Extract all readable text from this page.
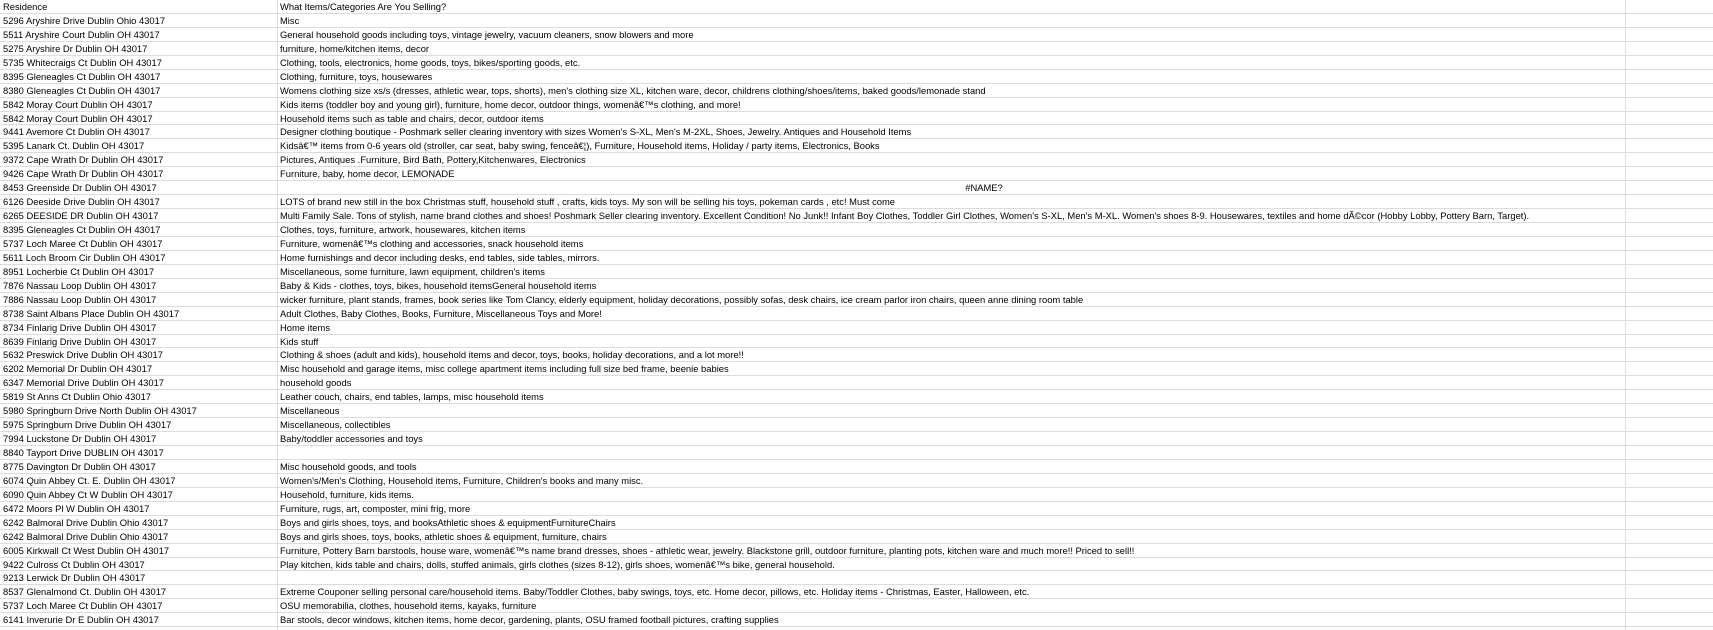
Residence	What Items/Categories Are You Selling?
5296 Aryshire Drive Dublin Ohio 43017	Misc
5511 Aryshire Court Dublin OH 43017	General household goods including toys, vintage jewelry, vacuum cleaners, snow blowers and more
5275 Aryshire Dr Dublin OH 43017	furniture, home/kitchen items, decor
5735 Whitecraigs Ct Dublin OH 43017	Clothing, tools, electronics, home goods, toys, bikes/sporting goods, etc.
8395 Gleneagles Ct Dublin OH 43017	Clothing, furniture, toys, housewares
8380 Gleneagles Ct Dublin OH 43017	Womens clothing size xs/s (dresses, athletic wear, tops, shorts), men's clothing size XL, kitchen ware, decor, childrens clothing/shoes/items, baked goods/lemonade stand
5842 Moray Court Dublin OH 43017	Kids items (toddler boy and young girl), furniture, home decor, outdoor things, womenâ€™s clothing, and more!
5842 Moray Court Dublin OH 43017	Household items such as table and chairs, decor, outdoor items
9441 Avemore Ct Dublin OH 43017	Designer clothing boutique - Poshmark seller clearing inventory with sizes Women's S-XL, Men's M-2XL, Shoes, Jewelry. Antiques and Household Items
5395 Lanark Ct. Dublin OH 43017	Kidsâ€™ items from 0-6 years old (stroller, car seat, baby swing, fenceâ€¦), Furniture, Household items, Holiday / party items, Electronics, Books
9372 Cape Wrath Dr Dublin OH 43017	Pictures, Antiques .Furniture, Bird Bath, Pottery,Kitchenwares, Electronics
9426 Cape Wrath Dr Dublin OH 43017	Furniture, baby, home decor, LEMONADE
8453 Greenside Dr Dublin OH 43017	#NAME?
6126 Deeside Drive Dublin OH 43017	LOTS of brand new still in the box Christmas stuff, household stuff , crafts, kids toys. My son will be selling his toys, pokeman cards , etc! Must come
6265 DEESIDE DR Dublin OH 43017	Multi Family Sale. Tons of stylish, name brand clothes and shoes! Poshmark Seller clearing inventory. Excellent Condition! No Junk!! Infant Boy Clothes, Toddler Girl Clothes, Women's S-XL, Men's M-XL. Women's shoes 8-9. Housewares, textiles and home dÃ©cor (Hobby Lobby, Pottery Barn, Target).
8395 Gleneagles Ct Dublin OH 43017	Clothes, toys, furniture, artwork, housewares, kitchen items
5737 Loch Maree Ct Dublin OH 43017	Furniture, womenâ€™s clothing and accessories, snack household items
5611 Loch Broom Cir Dublin OH 43017	Home furnishings and decor including desks, end tables, side tables, mirrors.
8951 Locherbie Ct Dublin OH 43017	Miscellaneous, some furniture, lawn equipment, children's items
7876 Nassau Loop Dublin OH 43017	Baby & Kids - clothes, toys, bikes, household itemsGeneral household items
7886 Nassau Loop Dublin OH 43017	wicker furniture, plant stands, frames, book series like Tom Clancy, elderly equipment, holiday decorations, possibly sofas, desk chairs, ice cream parlor iron chairs, queen anne dining room table
8738 Saint Albans Place Dublin OH 43017	Adult Clothes, Baby Clothes, Books, Furniture, Miscellaneous Toys and More!
8734 Finlarig Drive Dublin OH 43017	Home items
8639 Finlarig Drive Dublin OH 43017	Kids stuff
5632 Preswick Drive Dublin OH 43017	Clothing & shoes (adult and kids), household items and decor, toys, books, holiday decorations, and a lot more!!
6202 Memorial Dr Dublin OH 43017	Misc household and garage items, misc college apartment items including full size bed frame, beenie babies
6347 Memorial Drive Dublin OH 43017	household goods
5819 St Anns Ct Dublin Ohio 43017	Leather couch, chairs, end tables, lamps, misc household items
5980 Springburn Drive North Dublin OH 43017	Miscellaneous
5975 Springburn Drive Dublin OH 43017	Miscellaneous, collectibles
7994 Luckstone Dr Dublin OH 43017	Baby/toddler accessories and toys
8840 Tayport Drive DUBLIN OH 43017
8775 Davington Dr Dublin OH 43017	Misc household goods, and tools
6074 Quin Abbey Ct. E. Dublin OH 43017	Women's/Men's Clothing, Household items, Furniture, Children's books and many misc.
6090 Quin Abbey Ct W Dublin OH 43017	Household, furniture, kids items.
6472 Moors Pl W Dublin OH 43017	Furniture, rugs, art, composter, mini frig, more
6242 Balmoral Drive Dublin Ohio 43017	Boys and girls shoes, toys, and booksAthletic shoes & equipmentFurnitureChairs
6242 Balmoral Drive Dublin Ohio 43017	Boys and girls shoes, toys, books, athletic shoes & equipment, furniture, chairs
6005 Kirkwall Ct West Dublin OH 43017	Furniture, Pottery Barn barstools, house ware, womenâ€™s name brand dresses, shoes - athletic wear, jewelry. Blackstone grill, outdoor furniture, planting pots, kitchen ware and much more!! Priced to sell!!
9422 Culross Ct Dublin OH 43017	Play kitchen, kids table and chairs, dolls, stuffed animals, girls clothes (sizes 8-12), girls shoes, womenâ€™s bike, general household.
9213 Lerwick Dr Dublin OH 43017
8537 Glenalmond Ct. Dublin OH 43017	Extreme Couponer selling personal care/household items. Baby/Toddler Clothes, baby swings, toys, etc. Home decor, pillows, etc. Holiday items - Christmas, Easter, Halloween, etc.
5737 Loch Maree Ct Dublin OH 43017	OSU memorabilia, clothes, household items, kayaks, furniture
6141 Inverurie Dr E Dublin OH 43017	Bar stools, decor windows, kitchen items, home decor, gardening, plants, OSU framed football pictures, crafting supplies
